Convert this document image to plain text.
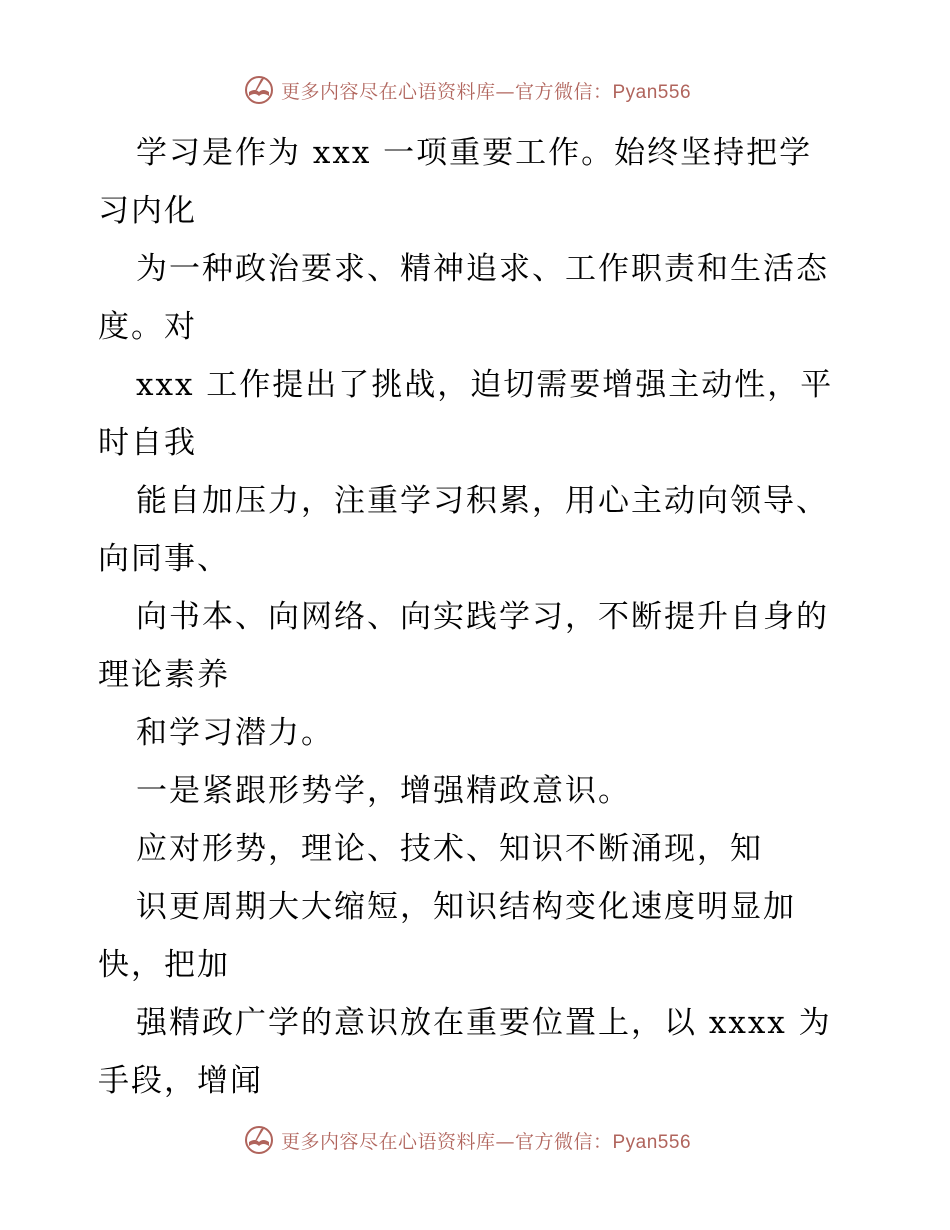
更多内容尽在心语资料库—官方微信：Pyan556
学习是作为 xxx 一项重要工作。始终坚持把学
习内化
为一种政治要求、精神追求、工作职责和生活态
度。对
xxx 工作提出了挑战，迫切需要增强主动性，平
时自我
能自加压力，注重学习积累，用心主动向领导、
向同事、
向书本、向网络、向实践学习，不断提升自身的
理论素养
和学习潜力。
一是紧跟形势学，增强精政意识。
应对形势，理论、技术、知识不断涌现，知
识更周期大大缩短，知识结构变化速度明显加
快，把加
强精政广学的意识放在重要位置上，以 xxxx 为
手段，增闻
更多内容尽在心语资料库—官方微信：Pyan556
